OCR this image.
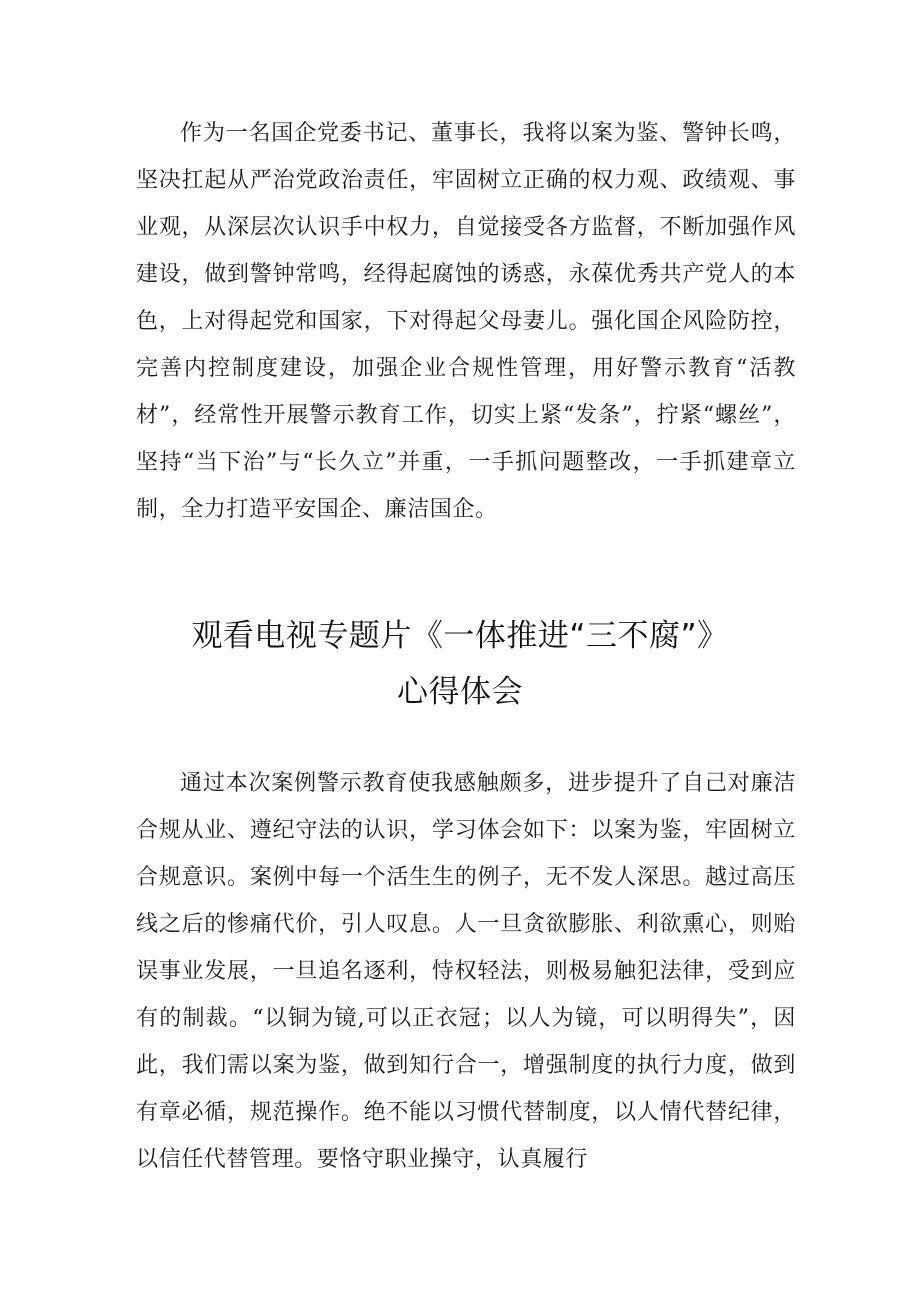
作为一名国企党委书记、董事长，我将以案为鉴、警钟长鸣，坚决扛起从严治党政治责任，牢固树立正确的权力观、政绩观、事业观，从深层次认识手中权力，自觉接受各方监督，不断加强作风建设，做到警钟常鸣，经得起腐蚀的诱惑，永葆优秀共产党人的本色，上对得起党和国家，下对得起父母妻儿。强化国企风险防控，完善内控制度建设，加强企业合规性管理，用好警示教育“活教材”，经常性开展警示教育工作，切实上紧“发条”，拧紧“螺丝”，坚持“当下治”与“长久立”并重，一手抓问题整改，一手抓建章立制，全力打造平安国企、廉洁国企。

观看电视专题片《一体推进“三不腐”》
心得体会

通过本次案例警示教育使我感触颇多，进步提升了自己对廉洁合规从业、遵纪守法的认识，学习体会如下：以案为鉴，牢固树立合规意识。案例中每一个活生生的例子，无不发人深思。越过高压线之后的惨痛代价，引人叹息。人一旦贪欲膨胀、利欲熏心，则贻误事业发展，一旦追名逐利，恃权轻法，则极易触犯法律，受到应有的制裁。“以铜为镜,可以正衣冠；以人为镜，可以明得失”，因此，我们需以案为鉴，做到知行合一，增强制度的执行力度，做到有章必循，规范操作。绝不能以习惯代替制度，以人情代替纪律，以信任代替管理。要恪守职业操守，认真履行
